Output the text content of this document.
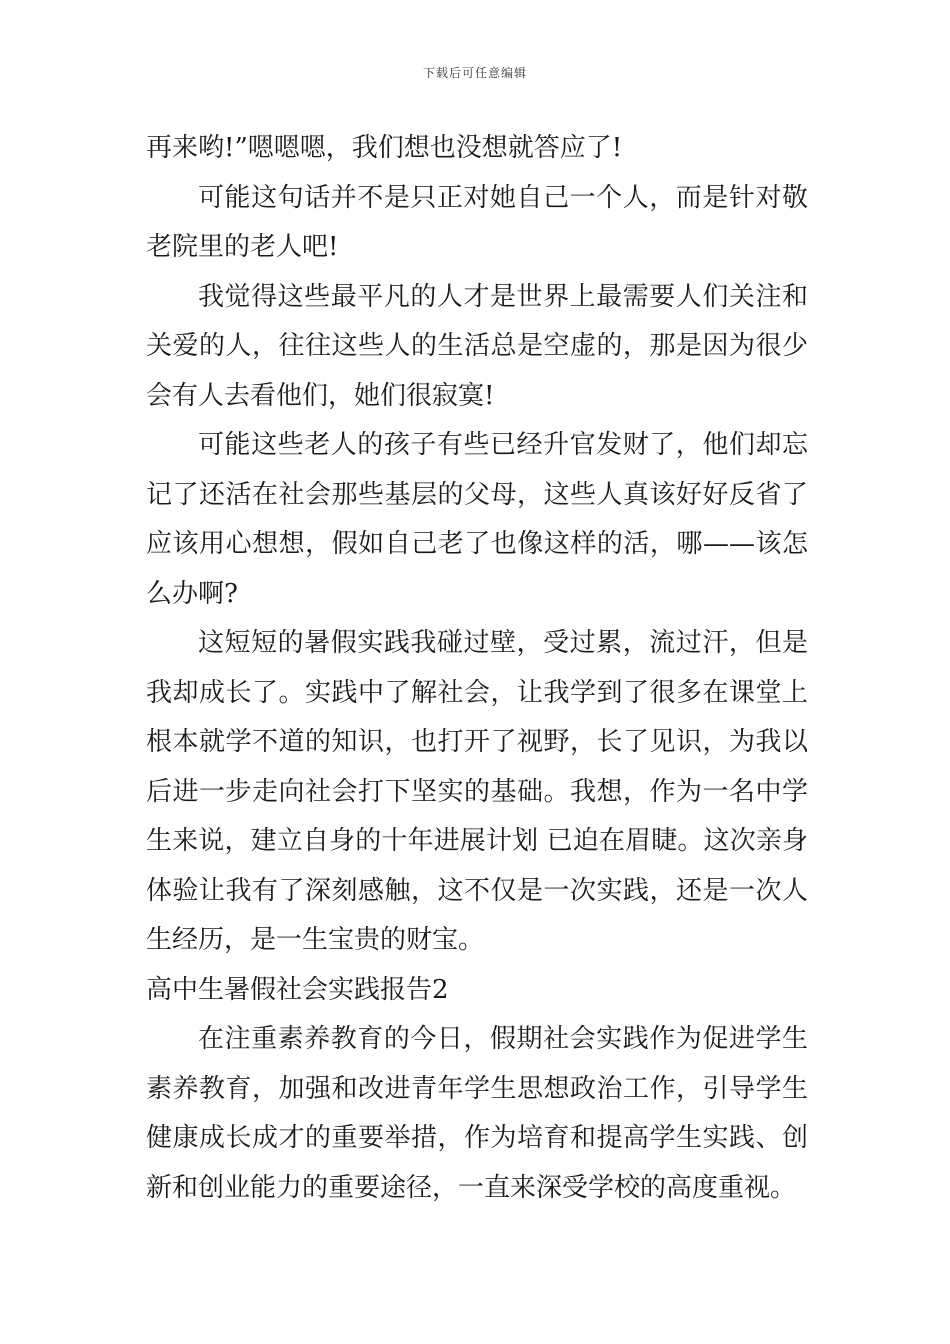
下载后可任意编辑

再来哟!”嗯嗯嗯，我们想也没想就答应了!

可能这句话并不是只正对她自己一个人，而是针对敬老院里的老人吧!

我觉得这些最平凡的人才是世界上最需要人们关注和关爱的人，往往这些人的生活总是空虚的，那是因为很少会有人去看他们，她们很寂寞!

可能这些老人的孩子有些已经升官发财了，他们却忘记了还活在社会那些基层的父母，这些人真该好好反省了应该用心想想，假如自己老了也像这样的活，哪——该怎么办啊?

这短短的暑假实践我碰过壁，受过累，流过汗，但是我却成长了。实践中了解社会，让我学到了很多在课堂上根本就学不道的知识，也打开了视野，长了见识，为我以后进一步走向社会打下坚实的基础。我想，作为一名中学生来说，建立自身的十年进展计划 已迫在眉睫。这次亲身体验让我有了深刻感触，这不仅是一次实践，还是一次人生经历，是一生宝贵的财宝。

高中生暑假社会实践报告2

在注重素养教育的今日，假期社会实践作为促进学生素养教育，加强和改进青年学生思想政治工作，引导学生健康成长成才的重要举措，作为培育和提高学生实践、创新和创业能力的重要途径，一直来深受学校的高度重视。
